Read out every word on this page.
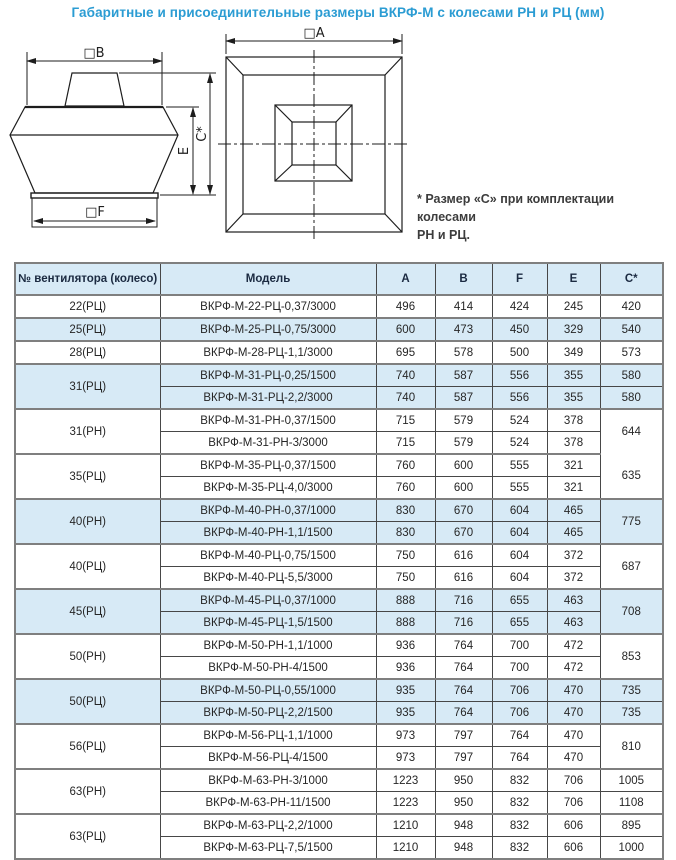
Габаритные и присоединительные размеры ВКРФ-М с колесами РН и РЦ (мм)
□B
□F
E
C*
□A
* Размер «С» при комплектации колесами
РН и РЦ.
№ вентилятора (колесо)	Модель	A	B	F	E	C*
22(РЦ)	ВКРФ-М-22-РЦ-0,37/3000	496	414	424	245	420
25(РЦ)	ВКРФ-М-25-РЦ-0,75/3000	600	473	450	329	540
28(РЦ)	ВКРФ-М-28-РЦ-1,1/3000	695	578	500	349	573
31(РЦ)	ВКРФ-М-31-РЦ-0,25/1500	740	587	556	355	580
	ВКРФ-М-31-РЦ-2,2/3000	740	587	556	355	580
31(РН)	ВКРФ-М-31-РН-0,37/1500	715	579	524	378	644
	ВКРФ-М-31-РН-3/3000	715	579	524	378	
35(РЦ)	ВКРФ-М-35-РЦ-0,37/1500	760	600	555	321	635
	ВКРФ-М-35-РЦ-4,0/3000	760	600	555	321	
40(РН)	ВКРФ-М-40-РН-0,37/1000	830	670	604	465	775
	ВКРФ-М-40-РН-1,1/1500	830	670	604	465	
40(РЦ)	ВКРФ-М-40-РЦ-0,75/1500	750	616	604	372	687
	ВКРФ-М-40-РЦ-5,5/3000	750	616	604	372	
45(РЦ)	ВКРФ-М-45-РЦ-0,37/1000	888	716	655	463	708
	ВКРФ-М-45-РЦ-1,5/1500	888	716	655	463	
50(РН)	ВКРФ-М-50-РН-1,1/1000	936	764	700	472	853
	ВКРФ-М-50-РН-4/1500	936	764	700	472	
50(РЦ)	ВКРФ-М-50-РЦ-0,55/1000	935	764	706	470	735
	ВКРФ-М-50-РЦ-2,2/1500	935	764	706	470	735
56(РЦ)	ВКРФ-М-56-РЦ-1,1/1000	973	797	764	470	810
	ВКРФ-М-56-РЦ-4/1500	973	797	764	470	
63(РН)	ВКРФ-М-63-РН-3/1000	1223	950	832	706	1005
	ВКРФ-М-63-РН-11/1500	1223	950	832	706	1108
63(РЦ)	ВКРФ-М-63-РЦ-2,2/1000	1210	948	832	606	895
	ВКРФ-М-63-РЦ-7,5/1500	1210	948	832	606	1000
